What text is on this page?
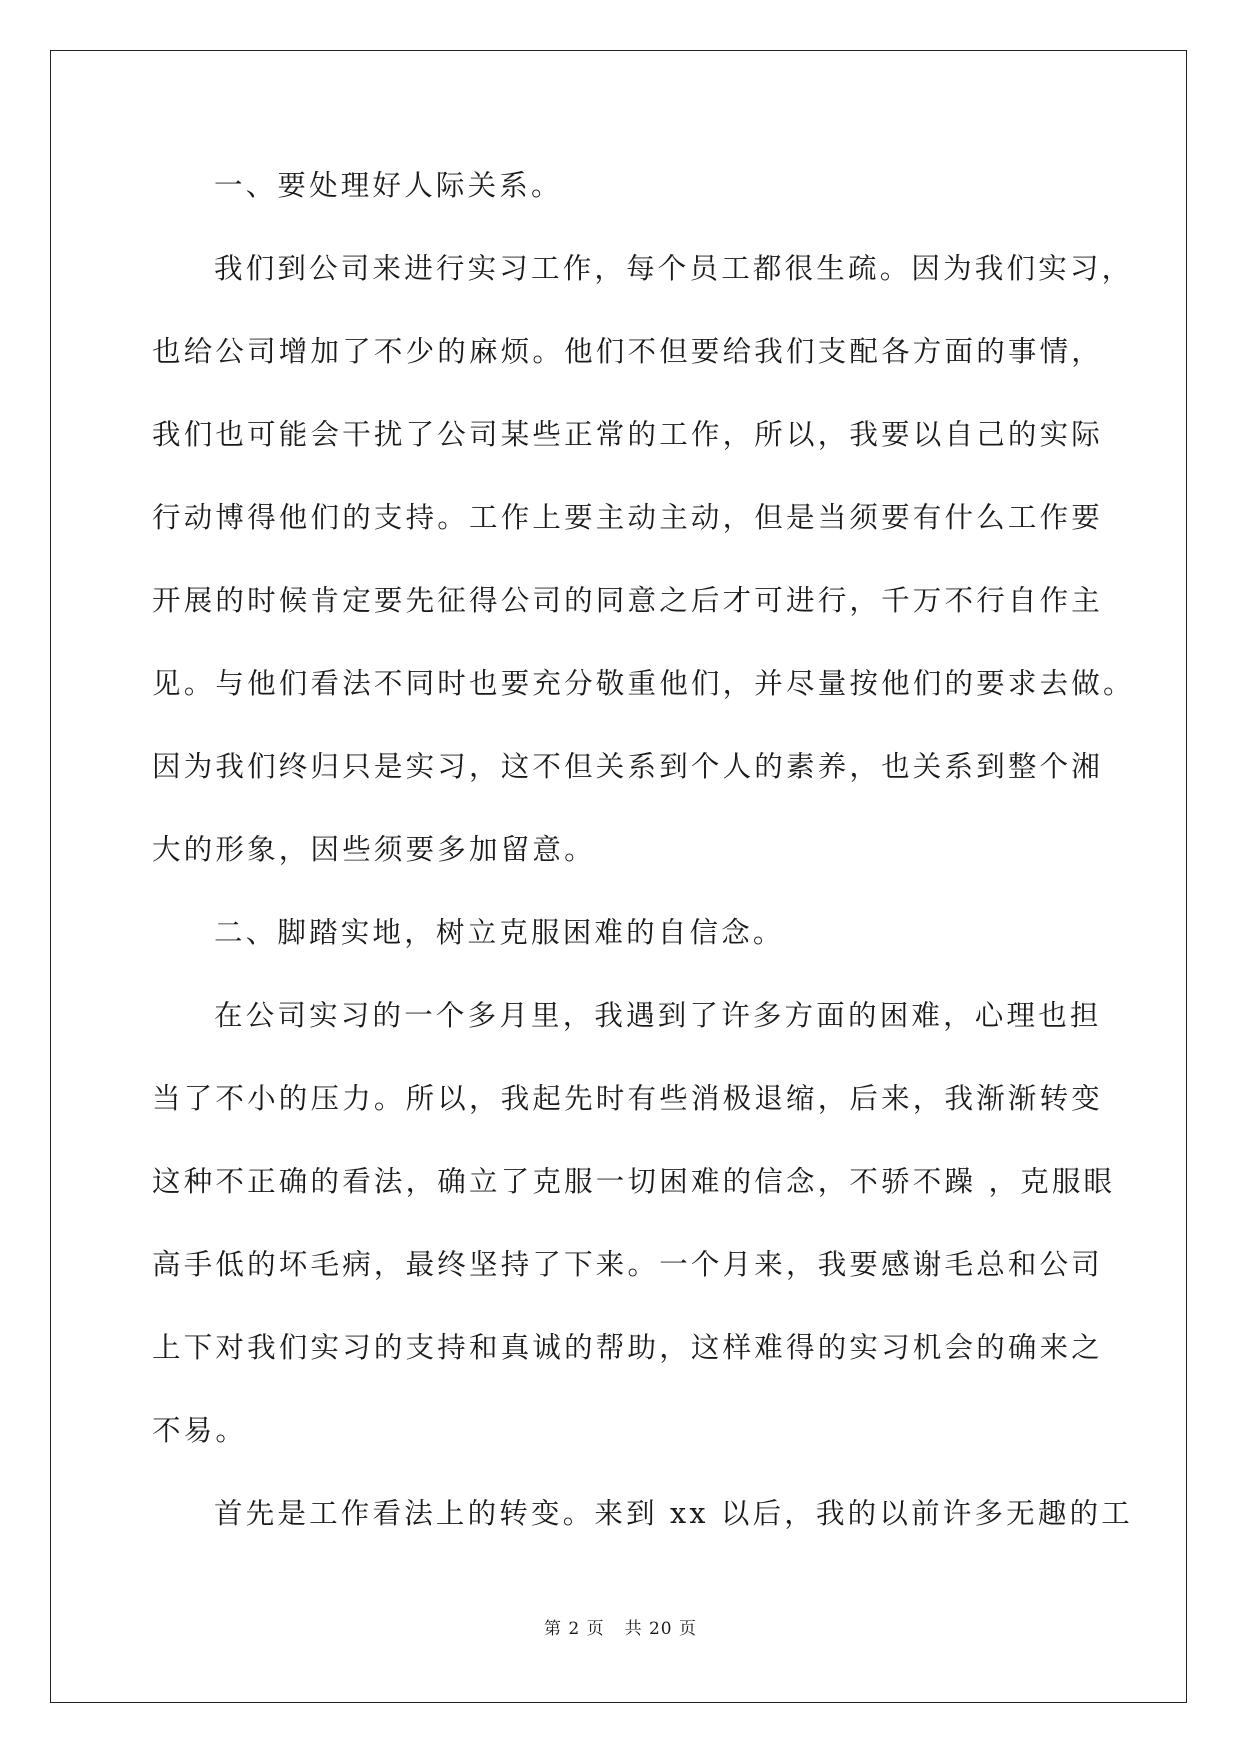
一、要处理好人际关系。
我们到公司来进行实习工作，每个员工都很生疏。因为我们实习，
也给公司增加了不少的麻烦。他们不但要给我们支配各方面的事情，
我们也可能会干扰了公司某些正常的工作，所以，我要以自己的实际
行动博得他们的支持。工作上要主动主动，但是当须要有什么工作要
开展的时候肯定要先征得公司的同意之后才可进行，千万不行自作主
见。与他们看法不同时也要充分敬重他们，并尽量按他们的要求去做。
因为我们终归只是实习，这不但关系到个人的素养，也关系到整个湘
大的形象，因些须要多加留意。
二、脚踏实地，树立克服困难的自信念。
在公司实习的一个多月里，我遇到了许多方面的困难，心理也担
当了不小的压力。所以，我起先时有些消极退缩，后来，我渐渐转变
这种不正确的看法，确立了克服一切困难的信念，不骄不躁 ，克服眼
高手低的坏毛病，最终坚持了下来。一个月来，我要感谢毛总和公司
上下对我们实习的支持和真诚的帮助，这样难得的实习机会的确来之
不易。
首先是工作看法上的转变。来到 xx 以后，我的以前许多无趣的工
第 2 页 共 20 页
